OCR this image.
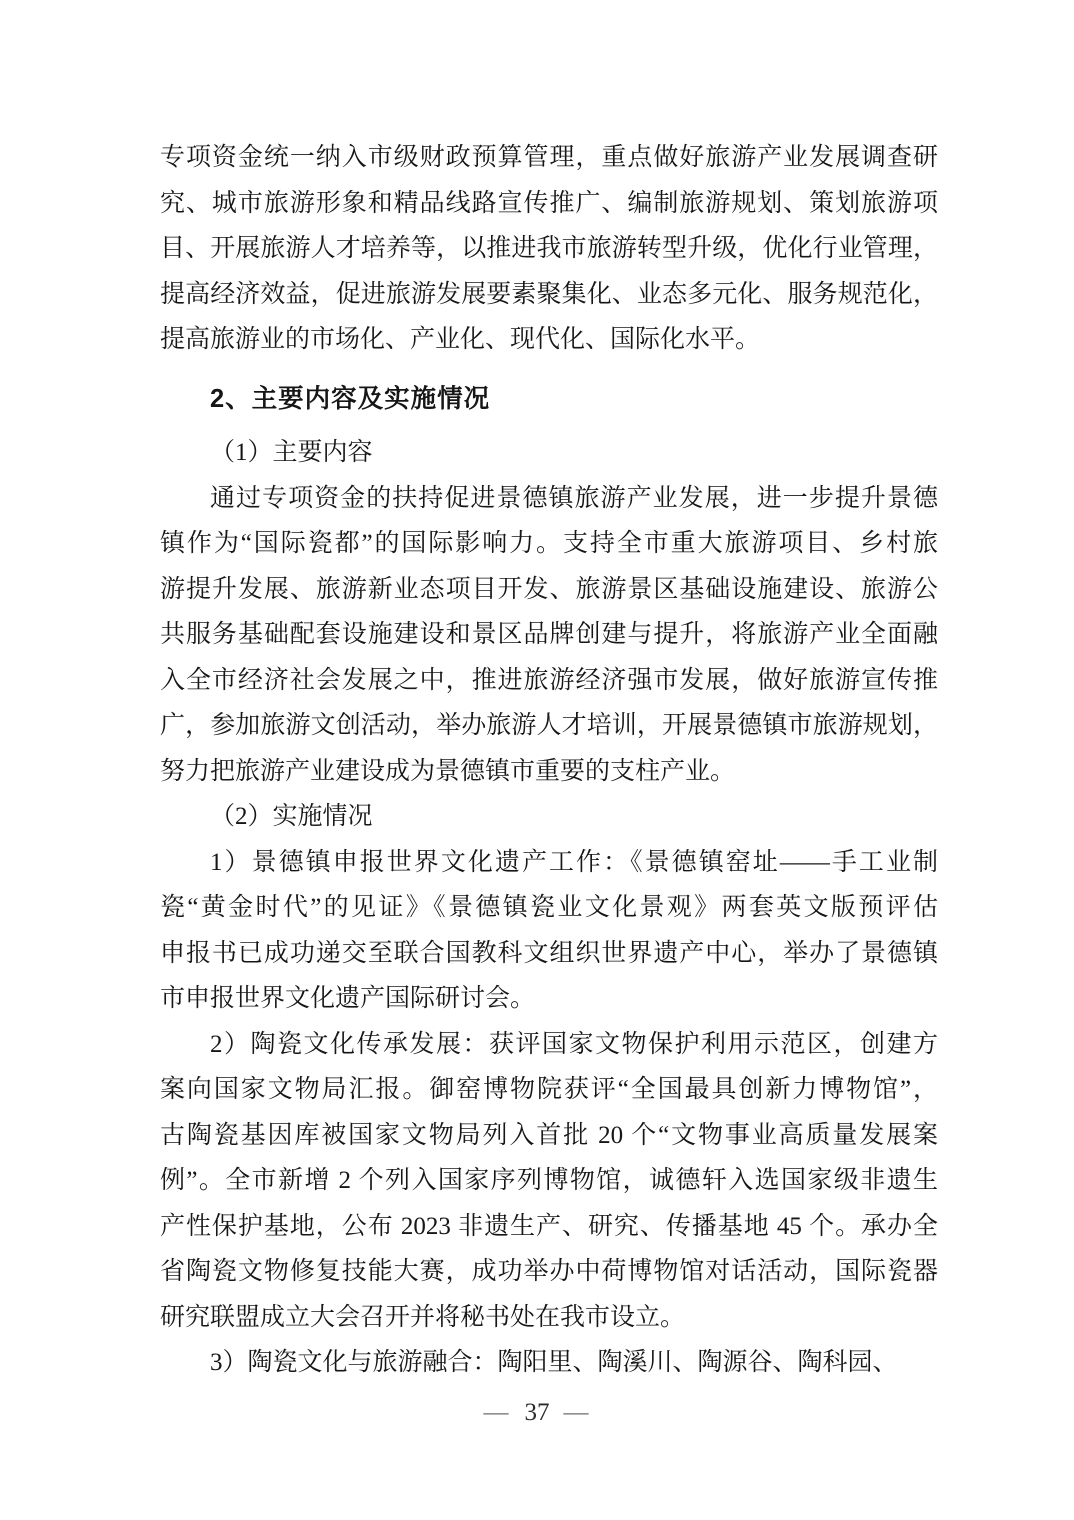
专项资金统一纳入市级财政预算管理，重点做好旅游产业发展调查研
究、城市旅游形象和精品线路宣传推广、编制旅游规划、策划旅游项
目、开展旅游人才培养等，以推进我市旅游转型升级，优化行业管理，
提高经济效益，促进旅游发展要素聚集化、业态多元化、服务规范化，
提高旅游业的市场化、产业化、现代化、国际化水平。
2、主要内容及实施情况
（1）主要内容
通过专项资金的扶持促进景德镇旅游产业发展，进一步提升景德
镇作为“国际瓷都”的国际影响力。支持全市重大旅游项目、乡村旅
游提升发展、旅游新业态项目开发、旅游景区基础设施建设、旅游公
共服务基础配套设施建设和景区品牌创建与提升，将旅游产业全面融
入全市经济社会发展之中，推进旅游经济强市发展，做好旅游宣传推
广，参加旅游文创活动，举办旅游人才培训，开展景德镇市旅游规划，
努力把旅游产业建设成为景德镇市重要的支柱产业。
（2）实施情况
1）景德镇申报世界文化遗产工作：《景德镇窑址——手工业制
瓷“黄金时代”的见证》《景德镇瓷业文化景观》两套英文版预评估
申报书已成功递交至联合国教科文组织世界遗产中心，举办了景德镇
市申报世界文化遗产国际研讨会。
2）陶瓷文化传承发展：获评国家文物保护利用示范区，创建方
案向国家文物局汇报。御窑博物院获评“全国最具创新力博物馆”，
古陶瓷基因库被国家文物局列入首批 20 个“文物事业高质量发展案
例”。全市新增 2 个列入国家序列博物馆，诚德轩入选国家级非遗生
产性保护基地，公布 2023 非遗生产、研究、传播基地 45 个。承办全
省陶瓷文物修复技能大赛，成功举办中荷博物馆对话活动，国际瓷器
研究联盟成立大会召开并将秘书处在我市设立。
3）陶瓷文化与旅游融合：陶阳里、陶溪川、陶源谷、陶科园、
— 37 —
